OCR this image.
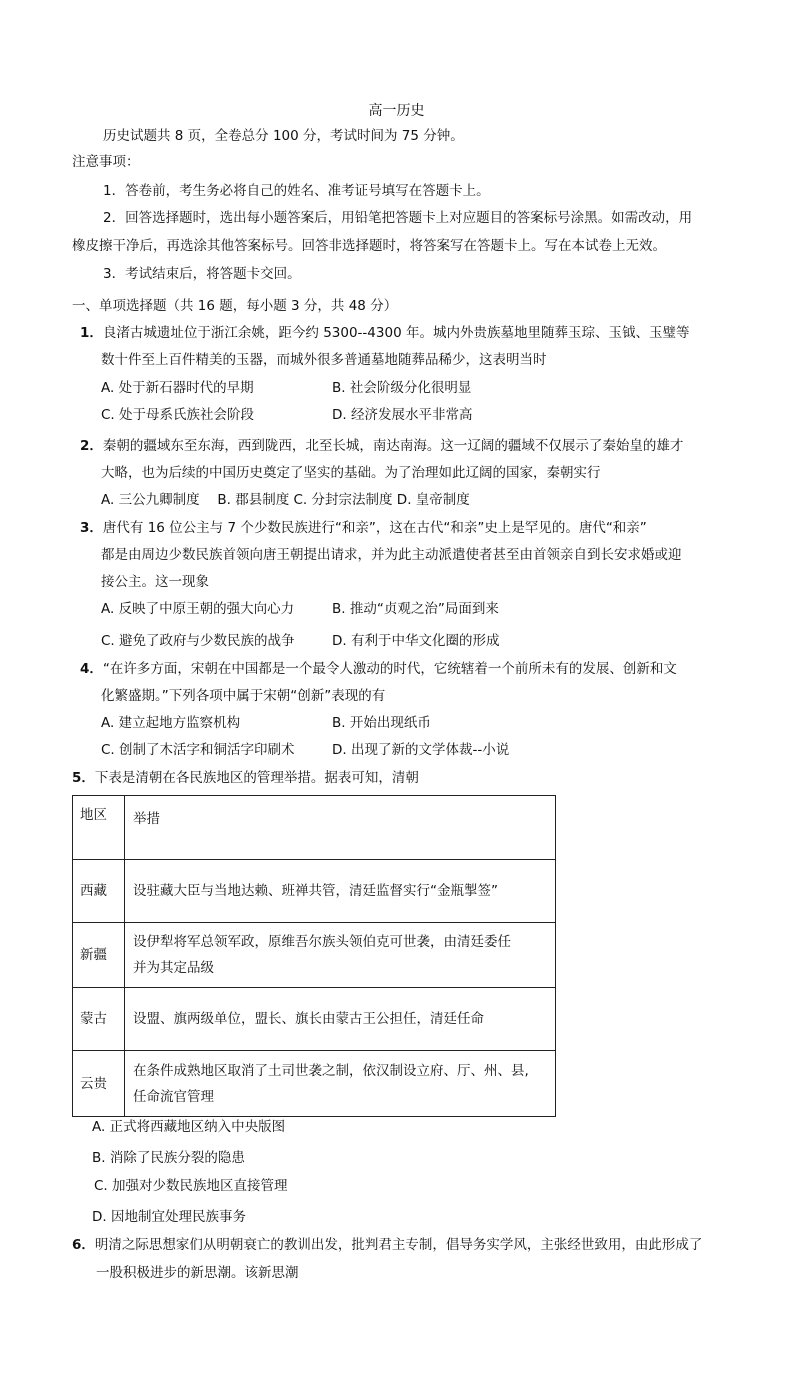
高一历史
历史试题共 8 页，全卷总分 100 分，考试时间为 75 分钟。
注意事项：
1．答卷前，考生务必将自己的姓名、准考证号填写在答题卡上。
2．回答选择题时，选出每小题答案后，用铅笔把答题卡上对应题目的答案标号涂黑。如需改动，用
橡皮擦干净后，再选涂其他答案标号。回答非选择题时，将答案写在答题卡上。写在本试卷上无效。
3．考试结束后，将答题卡交回。
一、单项选择题（共 16 题，每小题 3 分，共 48 分）
1．良渚古城遗址位于浙江余姚，距今约 5300--4300 年。城内外贵族墓地里随葬玉琮、玉钺、玉璧等
数十件至上百件精美的玉器，而城外很多普通墓地随葬品稀少，这表明当时
A. 处于新石器时代的早期	B. 社会阶级分化很明显
C. 处于母系氏族社会阶段	D. 经济发展水平非常高
2．秦朝的疆域东至东海，西到陇西，北至长城，南达南海。这一辽阔的疆域不仅展示了秦始皇的雄才
大略，也为后续的中国历史奠定了坚实的基础。为了治理如此辽阔的国家，秦朝实行
A. 三公九卿制度　 B. 郡县制度 C. 分封宗法制度 D. 皇帝制度
3．唐代有 16 位公主与 7 个少数民族进行“和亲”，这在古代“和亲”史上是罕见的。唐代“和亲”
都是由周边少数民族首领向唐王朝提出请求，并为此主动派遣使者甚至由首领亲自到长安求婚或迎
接公主。这一现象
A. 反映了中原王朝的强大向心力	B. 推动“贞观之治”局面到来
C. 避免了政府与少数民族的战争	D. 有利于中华文化圈的形成
4．“在许多方面，宋朝在中国都是一个最令人激动的时代，它统辖着一个前所未有的发展、创新和文
化繁盛期。”下列各项中属于宋朝“创新”表现的有
A. 建立起地方监察机构	B. 开始出现纸币
C. 创制了木活字和铜活字印刷术	D. 出现了新的文学体裁--小说
5．下表是清朝在各民族地区的管理举措。据表可知，清朝
地区	举措
西藏	设驻藏大臣与当地达赖、班禅共管，清廷监督实行“金瓶掣签”
新疆	设伊犁将军总领军政，原维吾尔族头领伯克可世袭，由清廷委任
并为其定品级

蒙古	设盟、旗两级单位，盟长、旗长由蒙古王公担任，清廷任命
云贵	在条件成熟地区取消了土司世袭之制，依汉制设立府、厅、州、县,
任命流官管理
A. 正式将西藏地区纳入中央版图
B. 消除了民族分裂的隐患
C. 加强对少数民族地区直接管理
D. 因地制宜处理民族事务
6．明清之际思想家们从明朝衰亡的教训出发，批判君主专制，倡导务实学风，主张经世致用，由此形成了
一股积极进步的新思潮。该新思潮
